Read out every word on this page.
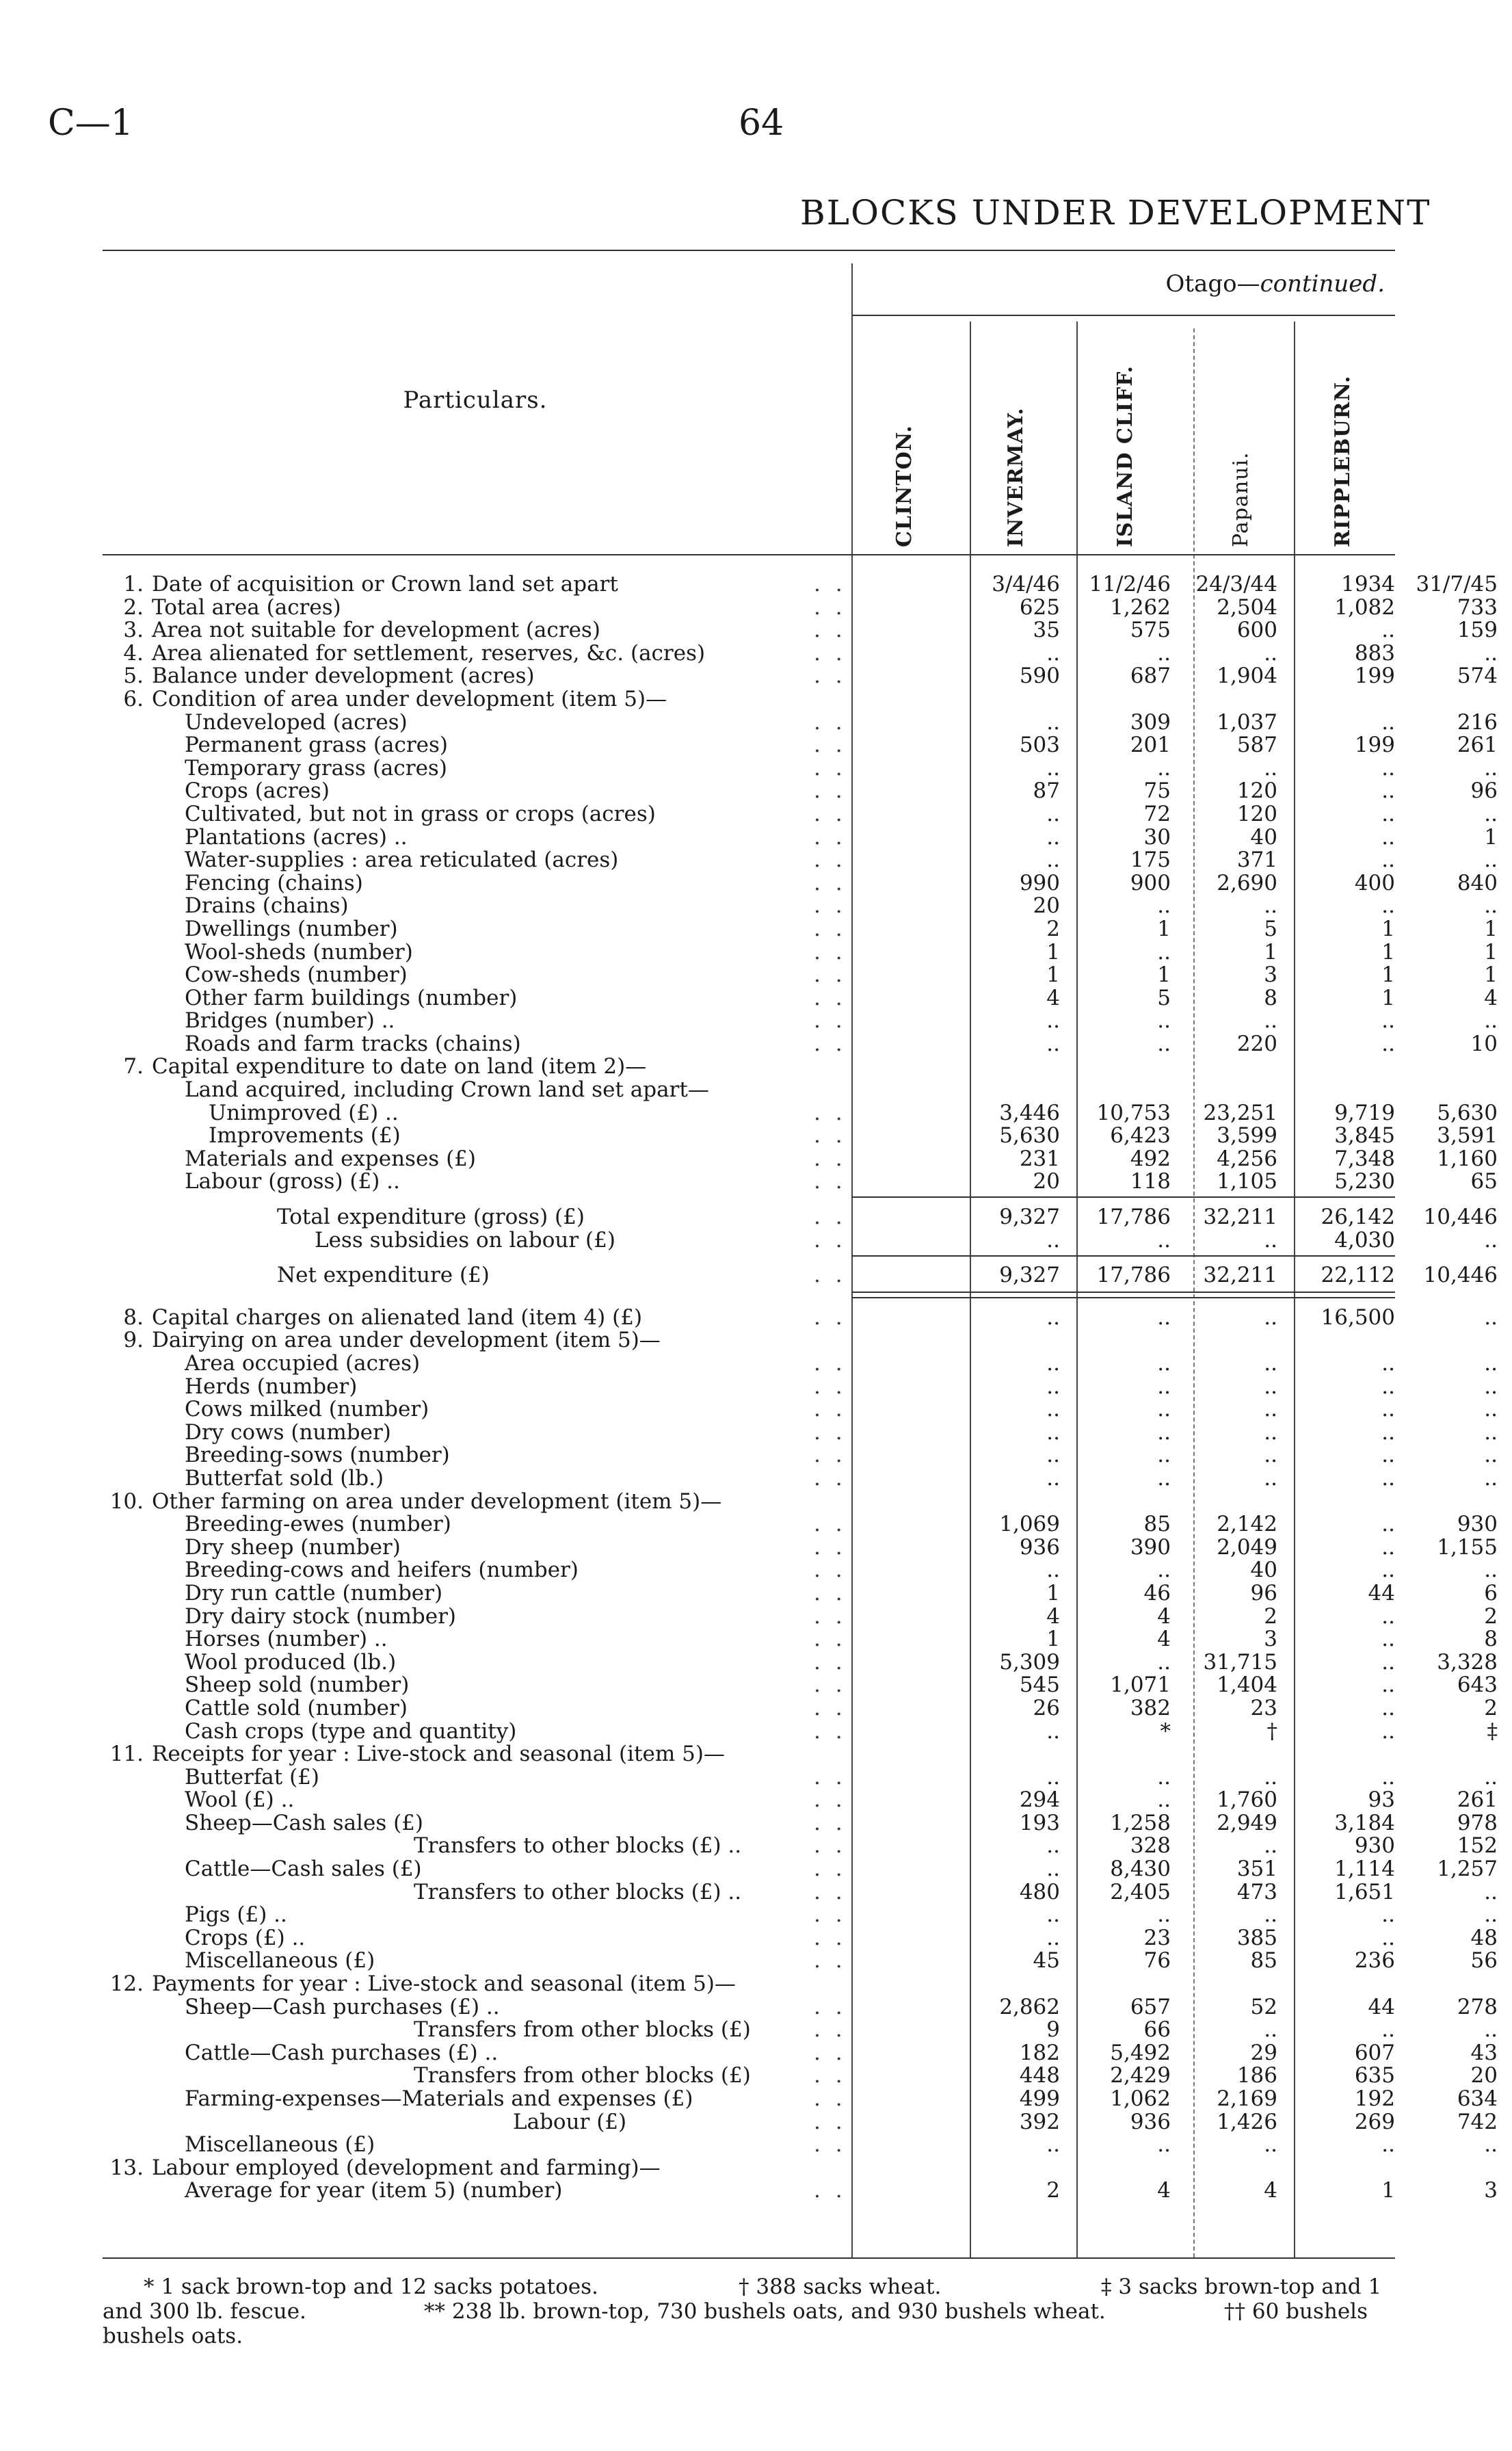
C—1	64
BLOCKS UNDER DEVELOPMENT
Otago—continued.
Particulars.
CLINTON.	INVERMAY.	ISLAND CLIFF.	Papanui.	RIPPLEBURN.
1. Date of acquisition or Crown land set apart	. .	3/4/46	11/2/46	24/3/44	1934 31/7/45
2. Total area (acres)	. .	625	1,262	2,504	1,082	733
3. Area not suitable for development (acres)	. .	35	575	600	..	159
4. Area alienated for settlement, reserves, &c. (acres)	. .	..	..	..	883	..
5. Balance under development (acres)	. .	590	687	1,904	199	574
6. Condition of area under development (item 5)—
Undeveloped (acres)	. .	..	309	1,037	..	216
Permanent grass (acres)	. .	503	201	587	199	261
Temporary grass (acres)	. .	..	..	..	..	..
Crops (acres)	. .	87	75	120	..	96
Cultivated, but not in grass or crops (acres)	. .	..	72	120	..	..
Plantations (acres) ..	. .	..	30	40	..	1
Water-supplies : area reticulated (acres)	. .	..	175	371	..	..
Fencing (chains)	. .	990	900	2,690	400	840
Drains (chains)	. .	20	..	..	..	..
Dwellings (number)	. .	2	1	5	1	1
Wool-sheds (number)	. .	1	..	1	1	1
Cow-sheds (number)	. .	1	1	3	1	1
Other farm buildings (number)	. .	4	5	8	1	4
Bridges (number) ..	. .	..	..	..	..	..
Roads and farm tracks (chains)	. .	..	..	220	..	10
7. Capital expenditure to date on land (item 2)—
Land acquired, including Crown land set apart—
Unimproved (£) ..	. .	3,446	10,753	23,251	9,719	5,630
Improvements (£)	. .	5,630	6,423	3,599	3,845	3,591
Materials and expenses (£)	. .	231	492	4,256	7,348	1,160
Labour (gross) (£) ..	. .	20	118	1,105	5,230	65
Total expenditure (gross) (£)	. .	9,327	17,786	32,211	26,142	10,446
Less subsidies on labour (£)	. .	..	..	..	4,030	..
Net expenditure (£)	. .	9,327	17,786	32,211	22,112	10,446
8. Capital charges on alienated land (item 4) (£)	. .	..	..	..	16,500	..
9. Dairying on area under development (item 5)—
Area occupied (acres)	. .	..	..	..	..	..
Herds (number)	. .	..	..	..	..	..
Cows milked (number)	. .	..	..	..	..	..
Dry cows (number)	. .	..	..	..	..	..
Breeding-sows (number)	. .	..	..	..	..	..
Butterfat sold (lb.)	. .	..	..	..	..	..
10. Other farming on area under development (item 5)—
Breeding-ewes (number)	. .	1,069	85	2,142	..	930
Dry sheep (number)	. .	936	390	2,049	..	1,155
Breeding-cows and heifers (number)	. .	..	..	40	..	..
Dry run cattle (number)	. .	1	46	96	44	6
Dry dairy stock (number)	. .	4	4	2	..	2
Horses (number) ..	. .	1	4	3	..	8
Wool produced (lb.)	. .	5,309	..	31,715	..	3,328
Sheep sold (number)	. .	545	1,071	1,404	..	643
Cattle sold (number)	. .	26	382	23	..	2
Cash crops (type and quantity)	. .	..	*	†	..	‡
11. Receipts for year : Live-stock and seasonal (item 5)—
Butterfat (£)	. .	..	..	..	..	..
Wool (£) ..	. .	294	..	1,760	93	261
Sheep—Cash sales (£)	. .	193	1,258	2,949	3,184	978
Transfers to other blocks (£) ..	. .	..	328	..	930	152
Cattle—Cash sales (£)	. .	..	8,430	351	1,114	1,257
Transfers to other blocks (£) ..	. .	480	2,405	473	1,651	..
Pigs (£) ..	. .	..	..	..	..	..
Crops (£) ..	. .	..	23	385	..	48
Miscellaneous (£)	. .	45	76	85	236	56
12. Payments for year : Live-stock and seasonal (item 5)—
Sheep—Cash purchases (£) ..	. .	2,862	657	52	44	278
Transfers from other blocks (£)	. .	9	66	..	..	..
Cattle—Cash purchases (£) ..	. .	182	5,492	29	607	43
Transfers from other blocks (£)	. .	448	2,429	186	635	20
Farming-expenses—Materials and expenses (£)	. .	499	1,062	2,169	192	634
Labour (£)	. .	392	936	1,426	269	742
Miscellaneous (£)	. .	..	..	..	..	..
13. Labour employed (development and farming)—
Average for year (item 5) (number)	. .	2	4	4	1	3
* 1 sack brown-top and 12 sacks potatoes.	† 388 sacks wheat.	‡ 3 sacks brown-top and 1
and 300 lb. fescue.	** 238 lb. brown-top, 730 bushels oats, and 930 bushels wheat.	†† 60 bushels
bushels oats.
